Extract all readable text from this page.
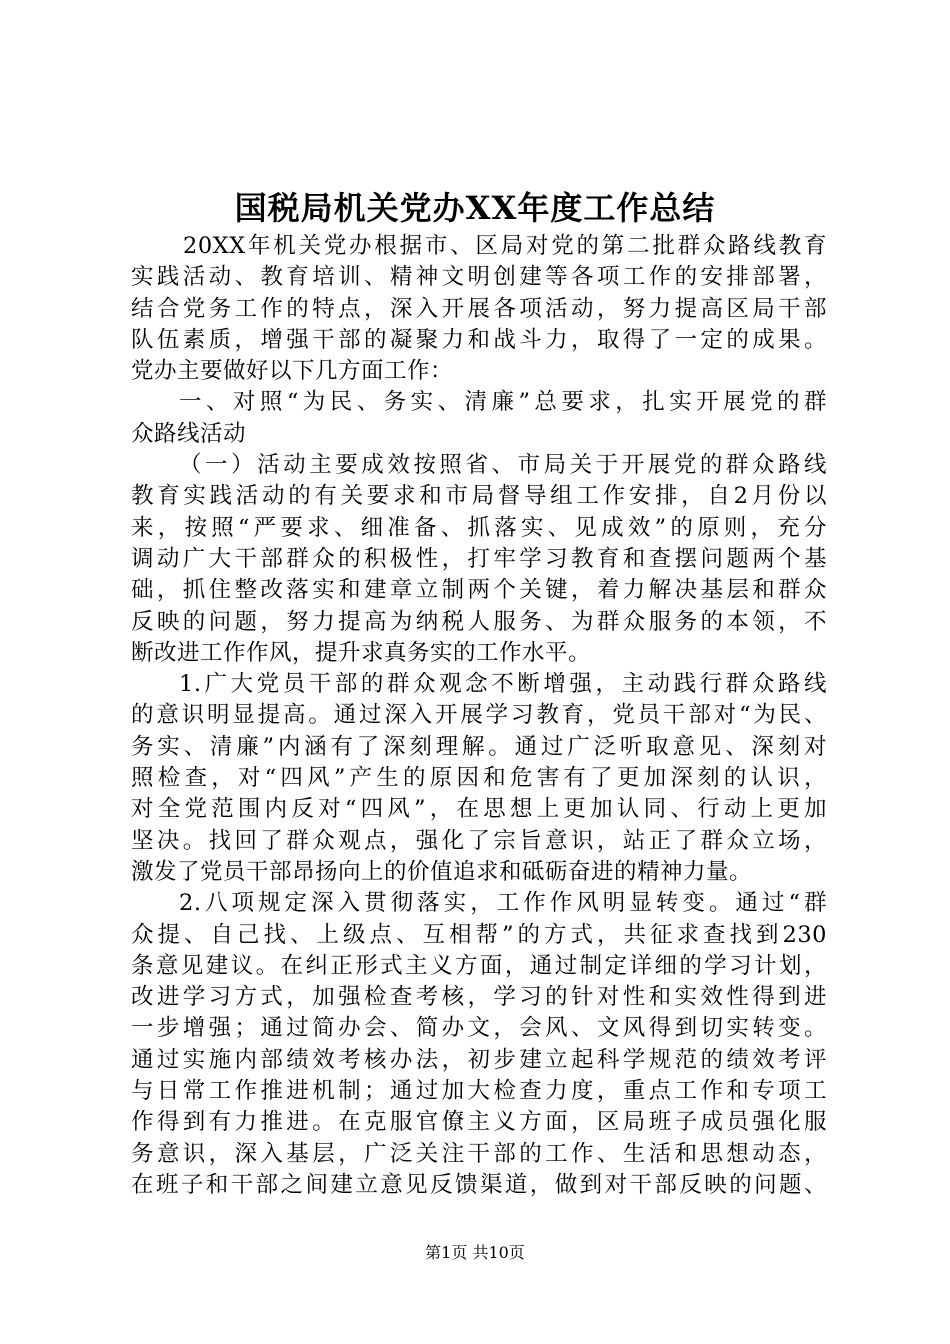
国税局机关党办XX年度工作总结
20XX年机关党办根据市、区局对党的第二批群众路线教育
实践活动、教育培训、精神文明创建等各项工作的安排部署，
结合党务工作的特点，深入开展各项活动，努力提高区局干部
队伍素质，增强干部的凝聚力和战斗力，取得了一定的成果。
党办主要做好以下几方面工作：
一、对照“为民、务实、清廉”总要求，扎实开展党的群
众路线活动
（一）活动主要成效按照省、市局关于开展党的群众路线
教育实践活动的有关要求和市局督导组工作安排，自2月份以
来，按照“严要求、细准备、抓落实、见成效”的原则，充分
调动广大干部群众的积极性，打牢学习教育和查摆问题两个基
础，抓住整改落实和建章立制两个关键，着力解决基层和群众
反映的问题，努力提高为纳税人服务、为群众服务的本领，不
断改进工作作风，提升求真务实的工作水平。
1.广大党员干部的群众观念不断增强，主动践行群众路线
的意识明显提高。通过深入开展学习教育，党员干部对“为民、
务实、清廉”内涵有了深刻理解。通过广泛听取意见、深刻对
照检查，对“四风”产生的原因和危害有了更加深刻的认识，
对全党范围内反对“四风”，在思想上更加认同、行动上更加
坚决。找回了群众观点，强化了宗旨意识，站正了群众立场，
激发了党员干部昂扬向上的价值追求和砥砺奋进的精神力量。
2.八项规定深入贯彻落实，工作作风明显转变。通过“群
众提、自己找、上级点、互相帮”的方式，共征求查找到230
条意见建议。在纠正形式主义方面，通过制定详细的学习计划，
改进学习方式，加强检查考核，学习的针对性和实效性得到进
一步增强；通过简办会、简办文，会风、文风得到切实转变。
通过实施内部绩效考核办法，初步建立起科学规范的绩效考评
与日常工作推进机制；通过加大检查力度，重点工作和专项工
作得到有力推进。在克服官僚主义方面，区局班子成员强化服
务意识，深入基层，广泛关注干部的工作、生活和思想动态，
在班子和干部之间建立意见反馈渠道，做到对干部反映的问题、
第1页 共10页
